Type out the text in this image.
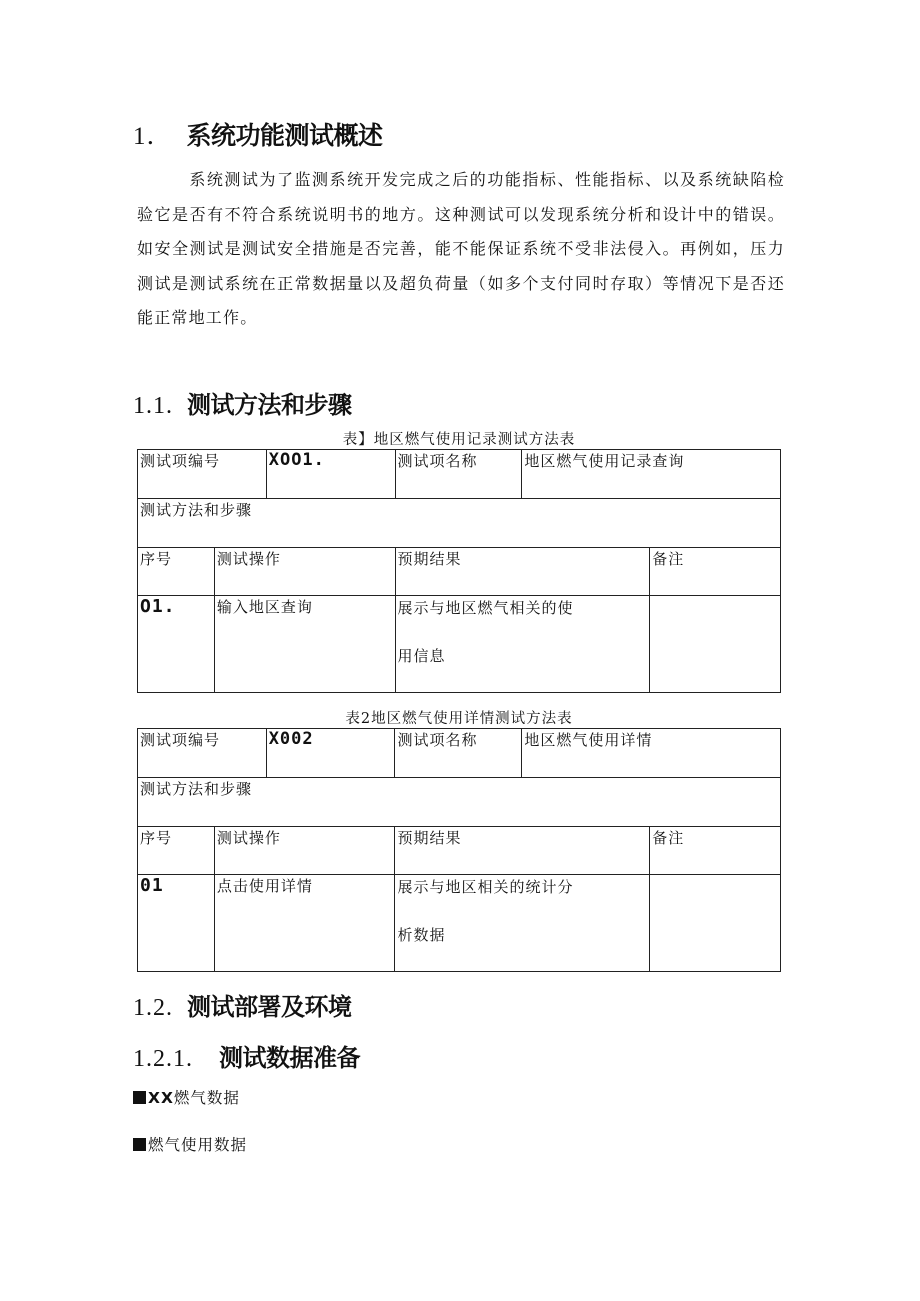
1． 系统功能测试概述

系统测试为了监测系统开发完成之后的功能指标、性能指标、以及系统缺陷检验它是否有不符合系统说明书的地方。这种测试可以发现系统分析和设计中的错误。如安全测试是测试安全措施是否完善，能不能保证系统不受非法侵入。再例如，压力测试是测试系统在正常数据量以及超负荷量（如多个支付同时存取）等情况下是否还能正常地工作。

1.1. 测试方法和步骤
表】地区燃气使用记录测试方法表
测试项编号		XOO1.	测试项名称	地区燃气使用记录查询	
测试方法和步骤					
序号	测试操作		预期结果		备注
O1.	输入地区查询		展示与地区燃气相关的使用信息		

表2地区燃气使用详情测试方法表
测试项编号		X002	测试项名称	地区燃气使用详情	
测试方法和步骤					
序号	测试操作		预期结果		备注
01	点击使用详情		展示与地区相关的统计分析数据		

1.2. 测试部署及环境
1.2.1. 测试数据准备
XX燃气数据
燃气使用数据
